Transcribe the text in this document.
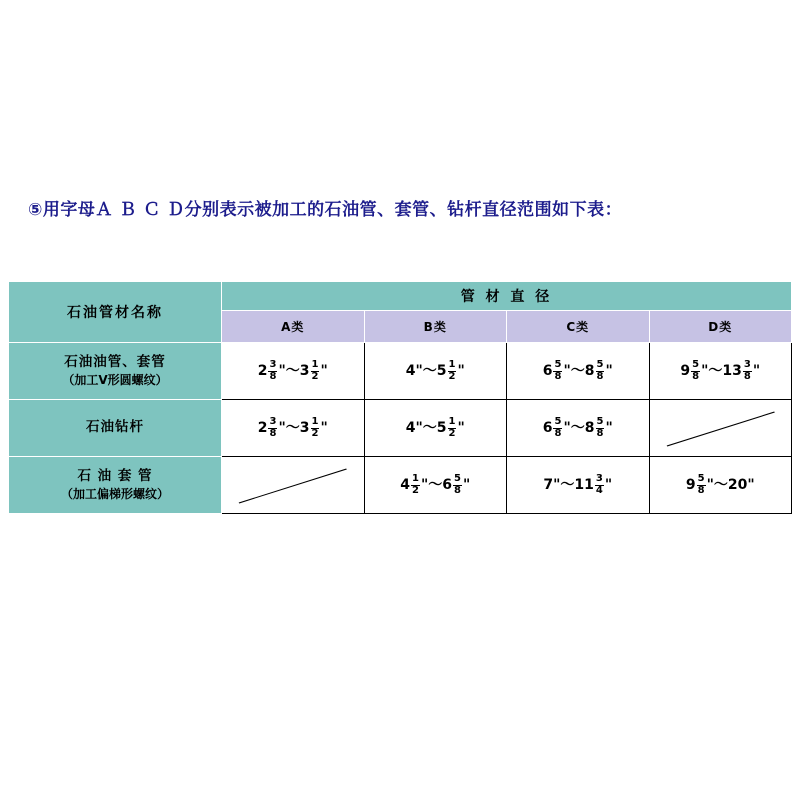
⑤用字母Ａ Ｂ Ｃ Ｄ分别表示被加工的石油管、套管、钻杆直径范围如下表：
石油管材名称	管 材 直 径			
	A类	B类	C类	D类

石油油管、套管
（加工V形圆螺纹）
	$2 \frac{3}{8}$ "～3 $\frac{1}{2}$ "	4"～5 $\frac{1}{2}$ "	$6 \frac{5}{8}$ "～8 $\frac{5}{8}$ "	$9 \frac{5}{8}$ "～13 $\frac{3}{8}$ "

石油钻杆	$2 \frac{3}{8}$ "～3 $\frac{1}{2}$ "	4"～5 $\frac{1}{2}$ "	$6 \frac{5}{8}$ "～8 $\frac{5}{8}$ "	

石 油 套 管
（加工偏梯形螺纹）

	$4 \frac{1}{2}$ "～6 $\frac{5}{8}$ "	7"～11 $\frac{3}{4}$ "	$9 \frac{5}{8}$ "～20"
